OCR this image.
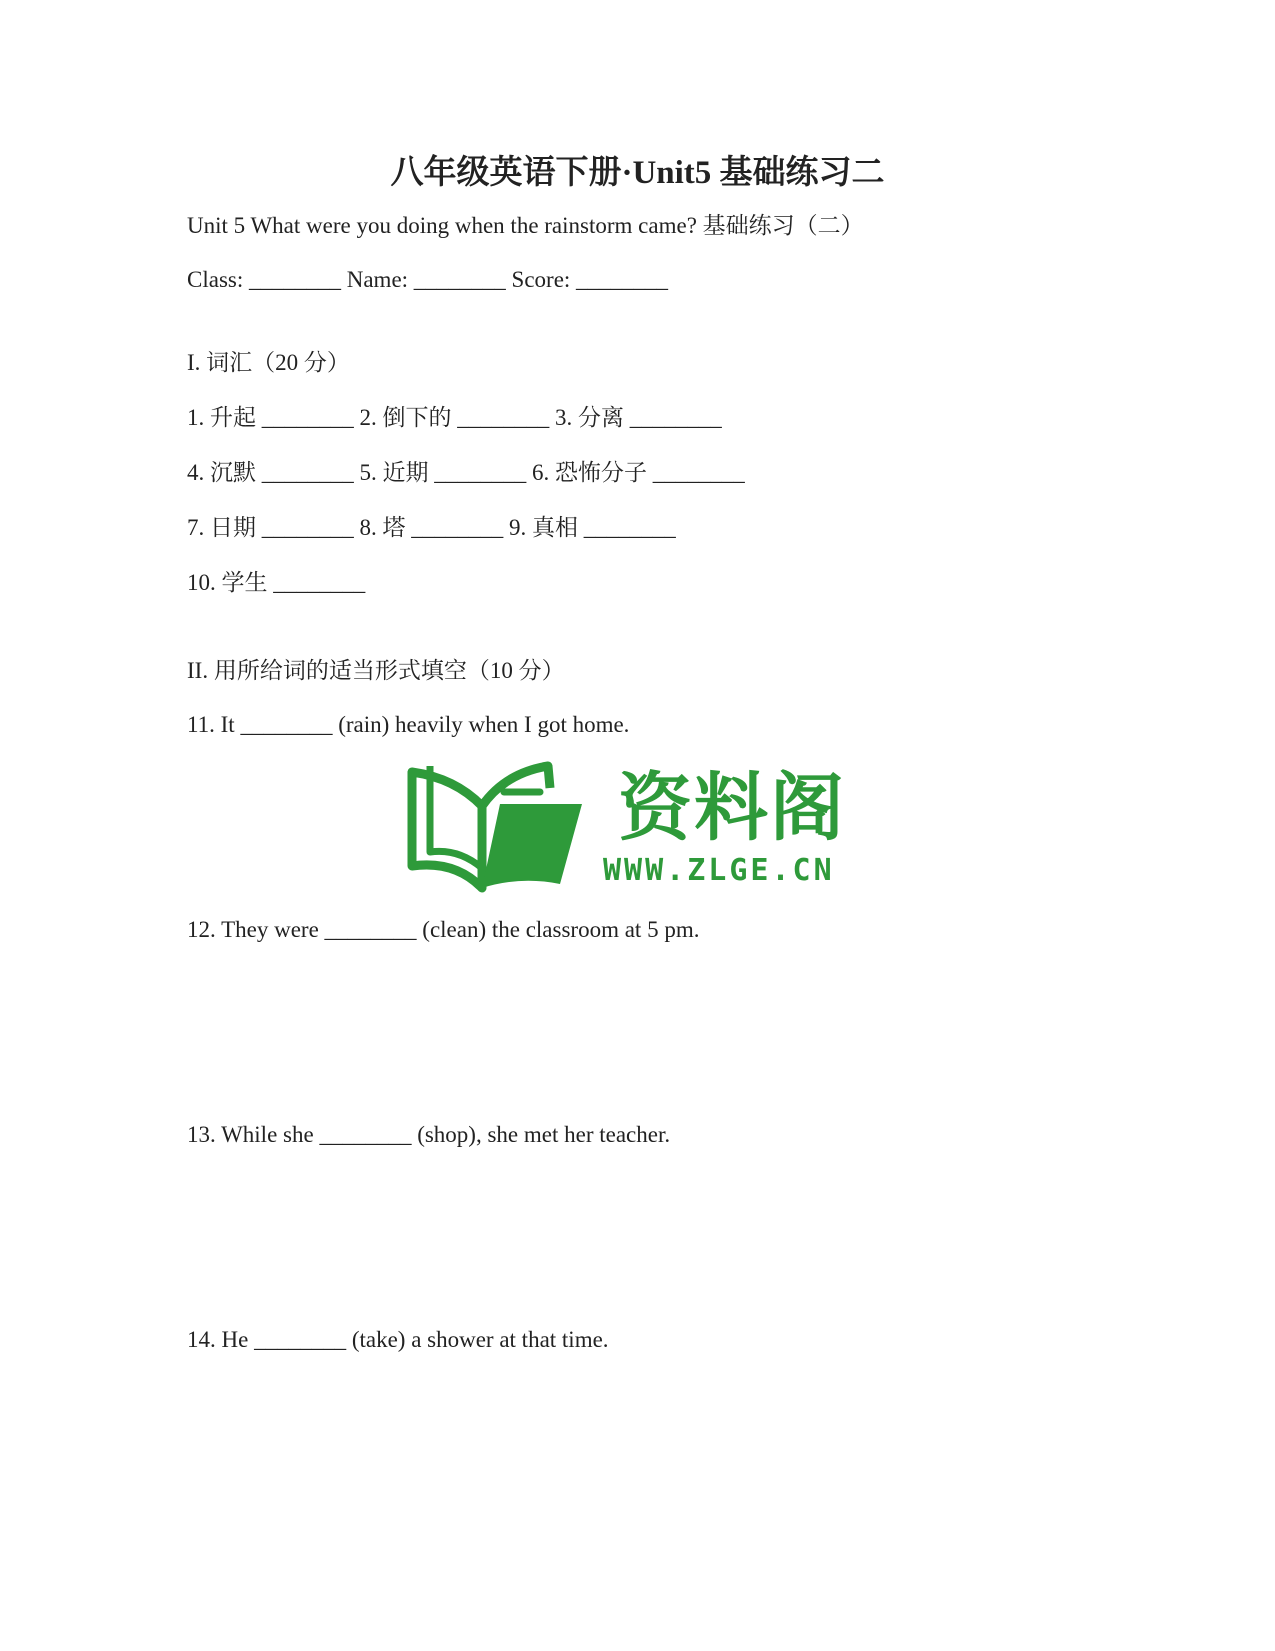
八年级英语下册·Unit5 基础练习二
Unit 5 What were you doing when the rainstorm came? 基础练习（二）
Class: ________ Name: ________ Score: ________
I. 词汇（20 分）
1. 升起 ________ 2. 倒下的 ________ 3. 分离 ________
4. 沉默 ________ 5. 近期 ________ 6. 恐怖分子 ________
7. 日期 ________ 8. 塔 ________ 9. 真相 ________
10. 学生 ________
II. 用所给词的适当形式填空（10 分）
11. It ________ (rain) heavily when I got home.
12. They were ________ (clean) the classroom at 5 pm.
13. While she ________ (shop), she met her teacher.
14. He ________ (take) a shower at that time.
资料阁
WWW.ZLGE.CN
